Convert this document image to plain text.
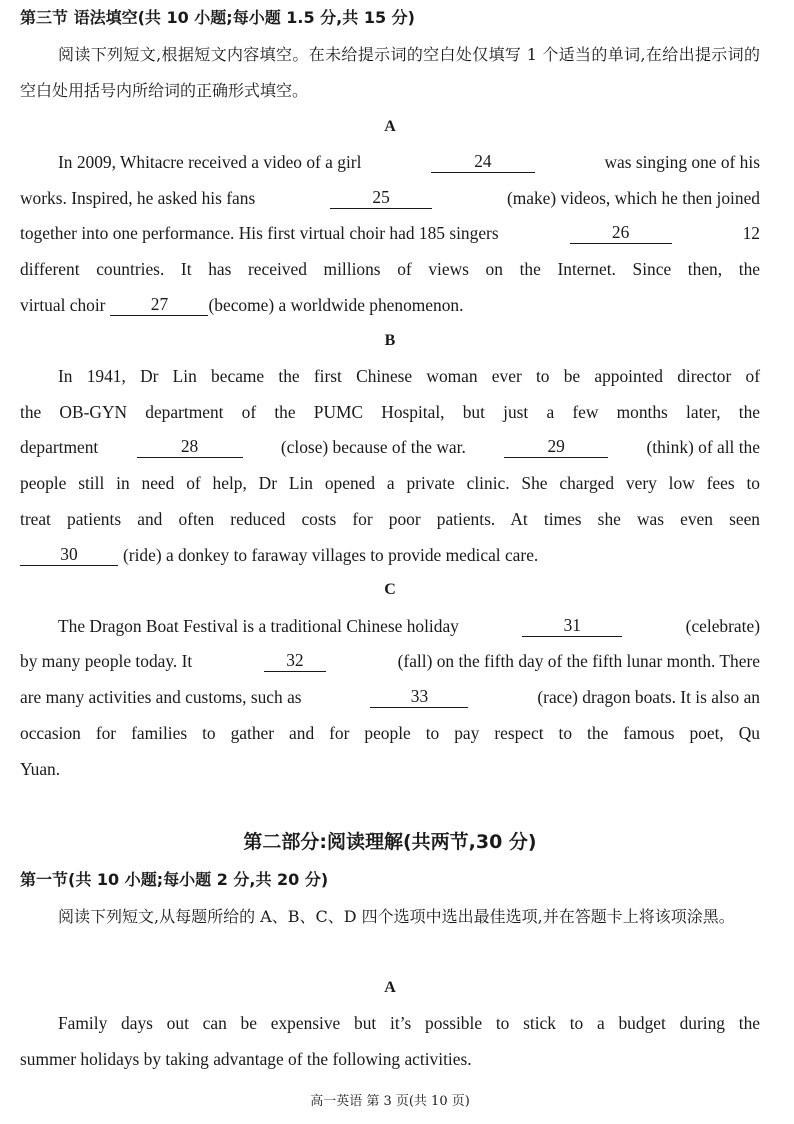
第三节 语法填空(共 10 小题;每小题 1.5 分,共 15 分)
阅读下列短文,根据短文内容填空。在未给提示词的空白处仅填写 1 个适当的单词,在给出提示词的空白处用括号内所给词的正确形式填空。
A
In 2009, Whitacre received a video of a girl	24	was singing one of his
works. Inspired, he asked his fans	25	(make) videos, which he then joined
together into one performance. His first virtual choir had 185 singers	26	12
different countries. It has received millions of views on the Internet. Since then, the
virtual choir	27	(become) a worldwide phenomenon.
B
In 1941, Dr Lin became the first Chinese woman ever to be appointed director of
the OB-GYN department of the PUMC Hospital, but just a few months later, the
department	28	(close) because of the war.	29	(think) of all the
people still in need of help, Dr Lin opened a private clinic. She charged very low fees to
treat patients and often reduced costs for poor patients. At times she was even seen
30	(ride) a donkey to faraway villages to provide medical care.
C
The Dragon Boat Festival is a traditional Chinese holiday	31	(celebrate)
by many people today. It	32	(fall) on the fifth day of the fifth lunar month. There
are many activities and customs, such as	33	(race) dragon boats. It is also an
occasion for families to gather and for people to pay respect to the famous poet, Qu
Yuan.
第二部分:阅读理解(共两节,30 分)
第一节(共 10 小题;每小题 2 分,共 20 分)
阅读下列短文,从每题所给的 A、B、C、D 四个选项中选出最佳选项,并在答题卡上将该项涂黑。
A
Family days out can be expensive but it’s possible to stick to a budget during the
summer holidays by taking advantage of the following activities.
高一英语 第 3 页(共 10 页)
